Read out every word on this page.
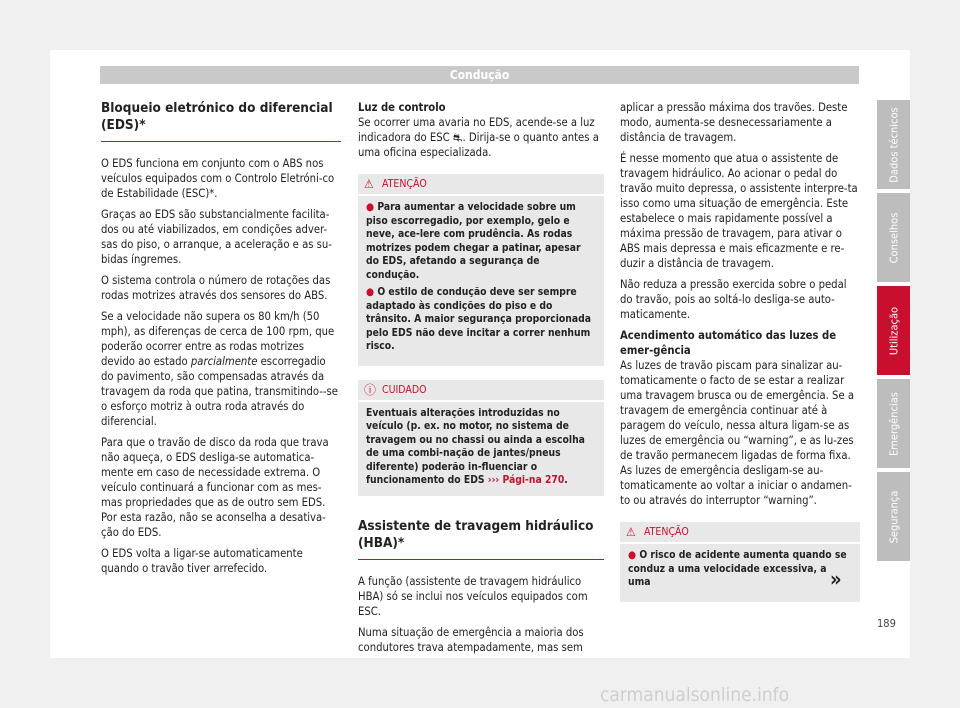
Condução
Dados técnicos
Conselhos
Utilização
Emergências
Segurança
Bloqueio eletrónico do diferencial (EDS)*

O EDS funciona em conjunto com o ABS nos veículos equipados com o Controlo Eletróni-co de Estabilidade (ESC)*.

Graças ao EDS são substancialmente facilita-dos ou até viabilizados, em condições adver-sas do piso, o arranque, a aceleração e as su-bidas íngremes.

O sistema controla o número de rotações das rodas motrizes através dos sensores do ABS.

Se a velocidade não supera os 80 km/h (50 mph), as diferenças de cerca de 100 rpm, que poderão ocorrer entre as rodas motrizes devido ao estado parcialmente escorregadio do pavimento, são compensadas através da travagem da roda que patina, transmitindo--se o esforço motriz à outra roda através do diferencial.

Para que o travão de disco da roda que trava não aqueça, o EDS desliga-se automatica-mente em caso de necessidade extrema. O veículo continuará a funcionar com as mes-mas propriedades que as de outro sem EDS. Por esta razão, não se aconselha a desativa-ção do EDS.

O EDS volta a ligar-se automaticamente quando o travão tiver arrefecido.

Luz de controlo

Se ocorrer uma avaria no EDS, acende-se a luz indicadora do ESC ⛐. Dirija-se o quanto antes a uma oficina especializada.

⚠ ATENÇÃO
● Para aumentar a velocidade sobre um piso escorregadio, por exemplo, gelo e neve, ace-lere com prudência. As rodas motrizes podem chegar a patinar, apesar do EDS, afetando a segurança de condução.
● O estilo de condução deve ser sempre adaptado às condições do piso e do trânsito. A maior segurança proporcionada pelo EDS não deve incitar a correr nenhum risco.
ⓘ CUIDADO
Eventuais alterações introduzidas no veículo (p. ex. no motor, no sistema de travagem ou no chassi ou ainda a escolha de uma combi-nação de jantes/pneus diferente) poderão in-fluenciar o funcionamento do EDS ››› Pági-na 270.
Assistente de travagem hidráulico (HBA)*

A função (assistente de travagem hidráulico HBA) só se inclui nos veículos equipados com ESC.

Numa situação de emergência a maioria dos condutores trava atempadamente, mas sem

aplicar a pressão máxima dos travões. Deste modo, aumenta-se desnecessariamente a distância de travagem.

É nesse momento que atua o assistente de travagem hidráulico. Ao acionar o pedal do travão muito depressa, o assistente interpre-ta isso como uma situação de emergência. Este estabelece o mais rapidamente possível a máxima pressão de travagem, para ativar o ABS mais depressa e mais eficazmente e re-duzir a distância de travagem.

Não reduza a pressão exercida sobre o pedal do travão, pois ao soltá-lo desliga-se auto-maticamente.

Acendimento automático das luzes de emer-gência

As luzes de travão piscam para sinalizar au-tomaticamente o facto de se estar a realizar uma travagem brusca ou de emergência. Se a travagem de emergência continuar até à paragem do veículo, nessa altura ligam-se as luzes de emergência ou “warning”, e as lu-zes de travão permanecem ligadas de forma fixa. As luzes de emergência desligam-se au-tomaticamente ao voltar a iniciar o andamen-to ou através do interruptor “warning”.

⚠ ATENÇÃO
● O risco de acidente aumenta quando se conduz a uma velocidade excessiva, a uma	»
189
carmanualsonline.info
